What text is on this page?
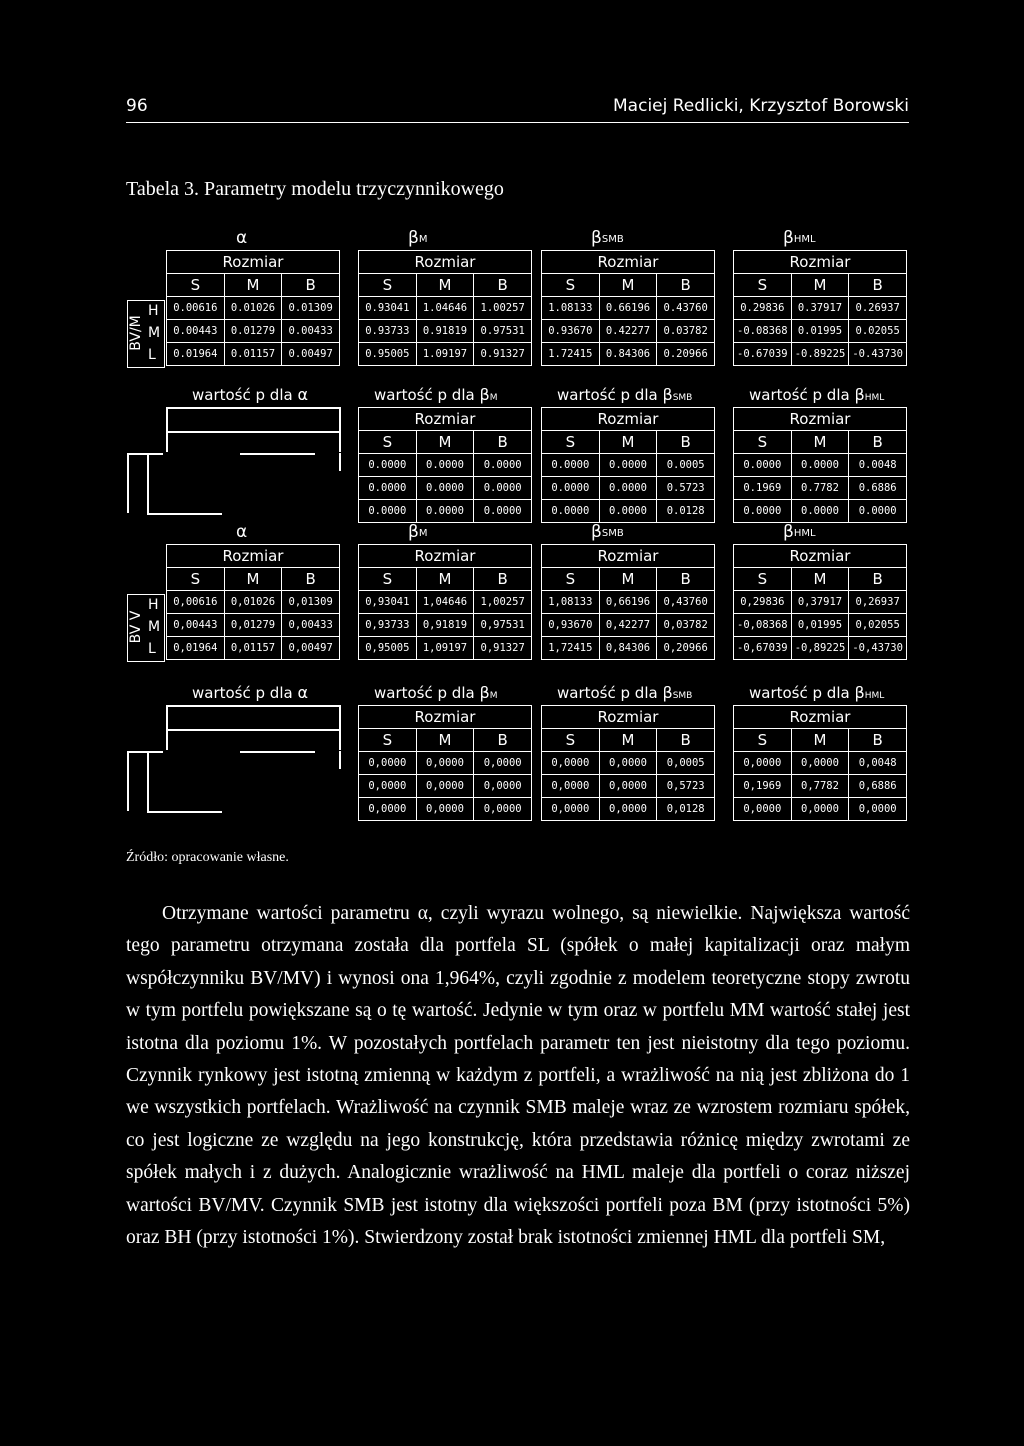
96	Maciej Redlicki, Krzysztof Borowski
Tabela 3. Parametry modelu trzyczynnikowego
α
Rozmiar		
S	M	B
0.00616	0.01026	0.01309
0.00443	0.01279	0.00433
0.01964	0.01157	0.00497
$\beta_M$
Rozmiar		
S	M	B
0.93041	1.04646	1.00257
0.93733	0.91819	0.97531
0.95005	1.09197	0.91327
$\beta_{SMB}$
Rozmiar		
S	M	B
1.08133	0.66196	0.43760
0.93670	0.42277	0.03782
1.72415	0.84306	0.20966
$\beta_{HML}$
Rozmiar		
S	M	B
0.29836	0.37917	0.26937
-0.08368	0.01995	0.02055
-0.67039	-0.89225	-0.43730
H
M
L
BV/M
wartość p dla α	wartość p dla βM
Rozmiar		
S	M	B
0.0000	0.0000	0.0000
0.0000	0.0000	0.0000
0.0000	0.0000	0.0000
wartość p dla βSMB
Rozmiar		
S	M	B
0.0000	0.0000	0.0005
0.0000	0.0000	0.5723
0.0000	0.0000	0.0128
wartość p dla βHML
Rozmiar		
S	M	B
0.0000	0.0000	0.0048
0.1969	0.7782	0.6886
0.0000	0.0000	0.0000
α
Rozmiar		
S	M	B
0,00616	0,01026	0,01309
0,00443	0,01279	0,00433
0,01964	0,01157	0,00497
$\beta_M$
Rozmiar		
S	M	B
0,93041	1,04646	1,00257
0,93733	0,91819	0,97531
0,95005	1,09197	0,91327
$\beta_{SMB}$
Rozmiar		
S	M	B
1,08133	0,66196	0,43760
0,93670	0,42277	0,03782
1,72415	0,84306	0,20966
$\beta_{HML}$
Rozmiar		
S	M	B
0,29836	0,37917	0,26937
-0,08368	0,01995	0,02055
-0,67039	-0,89225	-0,43730
H
M
L
BV V
wartość p dla α	wartość p dla βM
Rozmiar		
S	M	B
0,0000	0,0000	0,0000
0,0000	0,0000	0,0000
0,0000	0,0000	0,0000
wartość p dla βSMB
Rozmiar		
S	M	B
0,0000	0,0000	0,0005
0,0000	0,0000	0,5723
0,0000	0,0000	0,0128
wartość p dla βHML
Rozmiar		
S	M	B
0,0000	0,0000	0,0048
0,1969	0,7782	0,6886
0,0000	0,0000	0,0000
Źródło: opracowanie własne.

Otrzymane wartości parametru α, czyli wyrazu wolnego, są niewielkie. Największa wartość tego parametru otrzymana została dla portfela SL (spółek o małej kapitalizacji oraz małym współczynniku BV/MV) i wynosi ona 1,964%, czyli zgodnie z modelem teoretyczne stopy zwrotu w tym portfelu powiększane są o tę wartość. Jedynie w tym oraz w portfelu MM wartość stałej jest istotna dla poziomu 1%. W pozostałych portfelach parametr ten jest nieistotny dla tego poziomu. Czynnik rynkowy jest istotną zmienną w każdym z portfeli, a wrażliwość na nią jest zbliżona do 1 we wszystkich portfelach. Wrażliwość na czynnik SMB maleje wraz ze wzrostem rozmiaru spółek, co jest logiczne ze względu na jego konstrukcję, która przedstawia różnicę między zwrotami ze spółek małych i z dużych. Analogicznie wrażliwość na HML maleje dla portfeli o coraz niższej wartości BV/MV. Czynnik SMB jest istotny dla większości portfeli poza BM (przy istotności 5%) oraz BH (przy istotności 1%). Stwierdzony został brak istotności zmiennej HML dla portfeli SM,
